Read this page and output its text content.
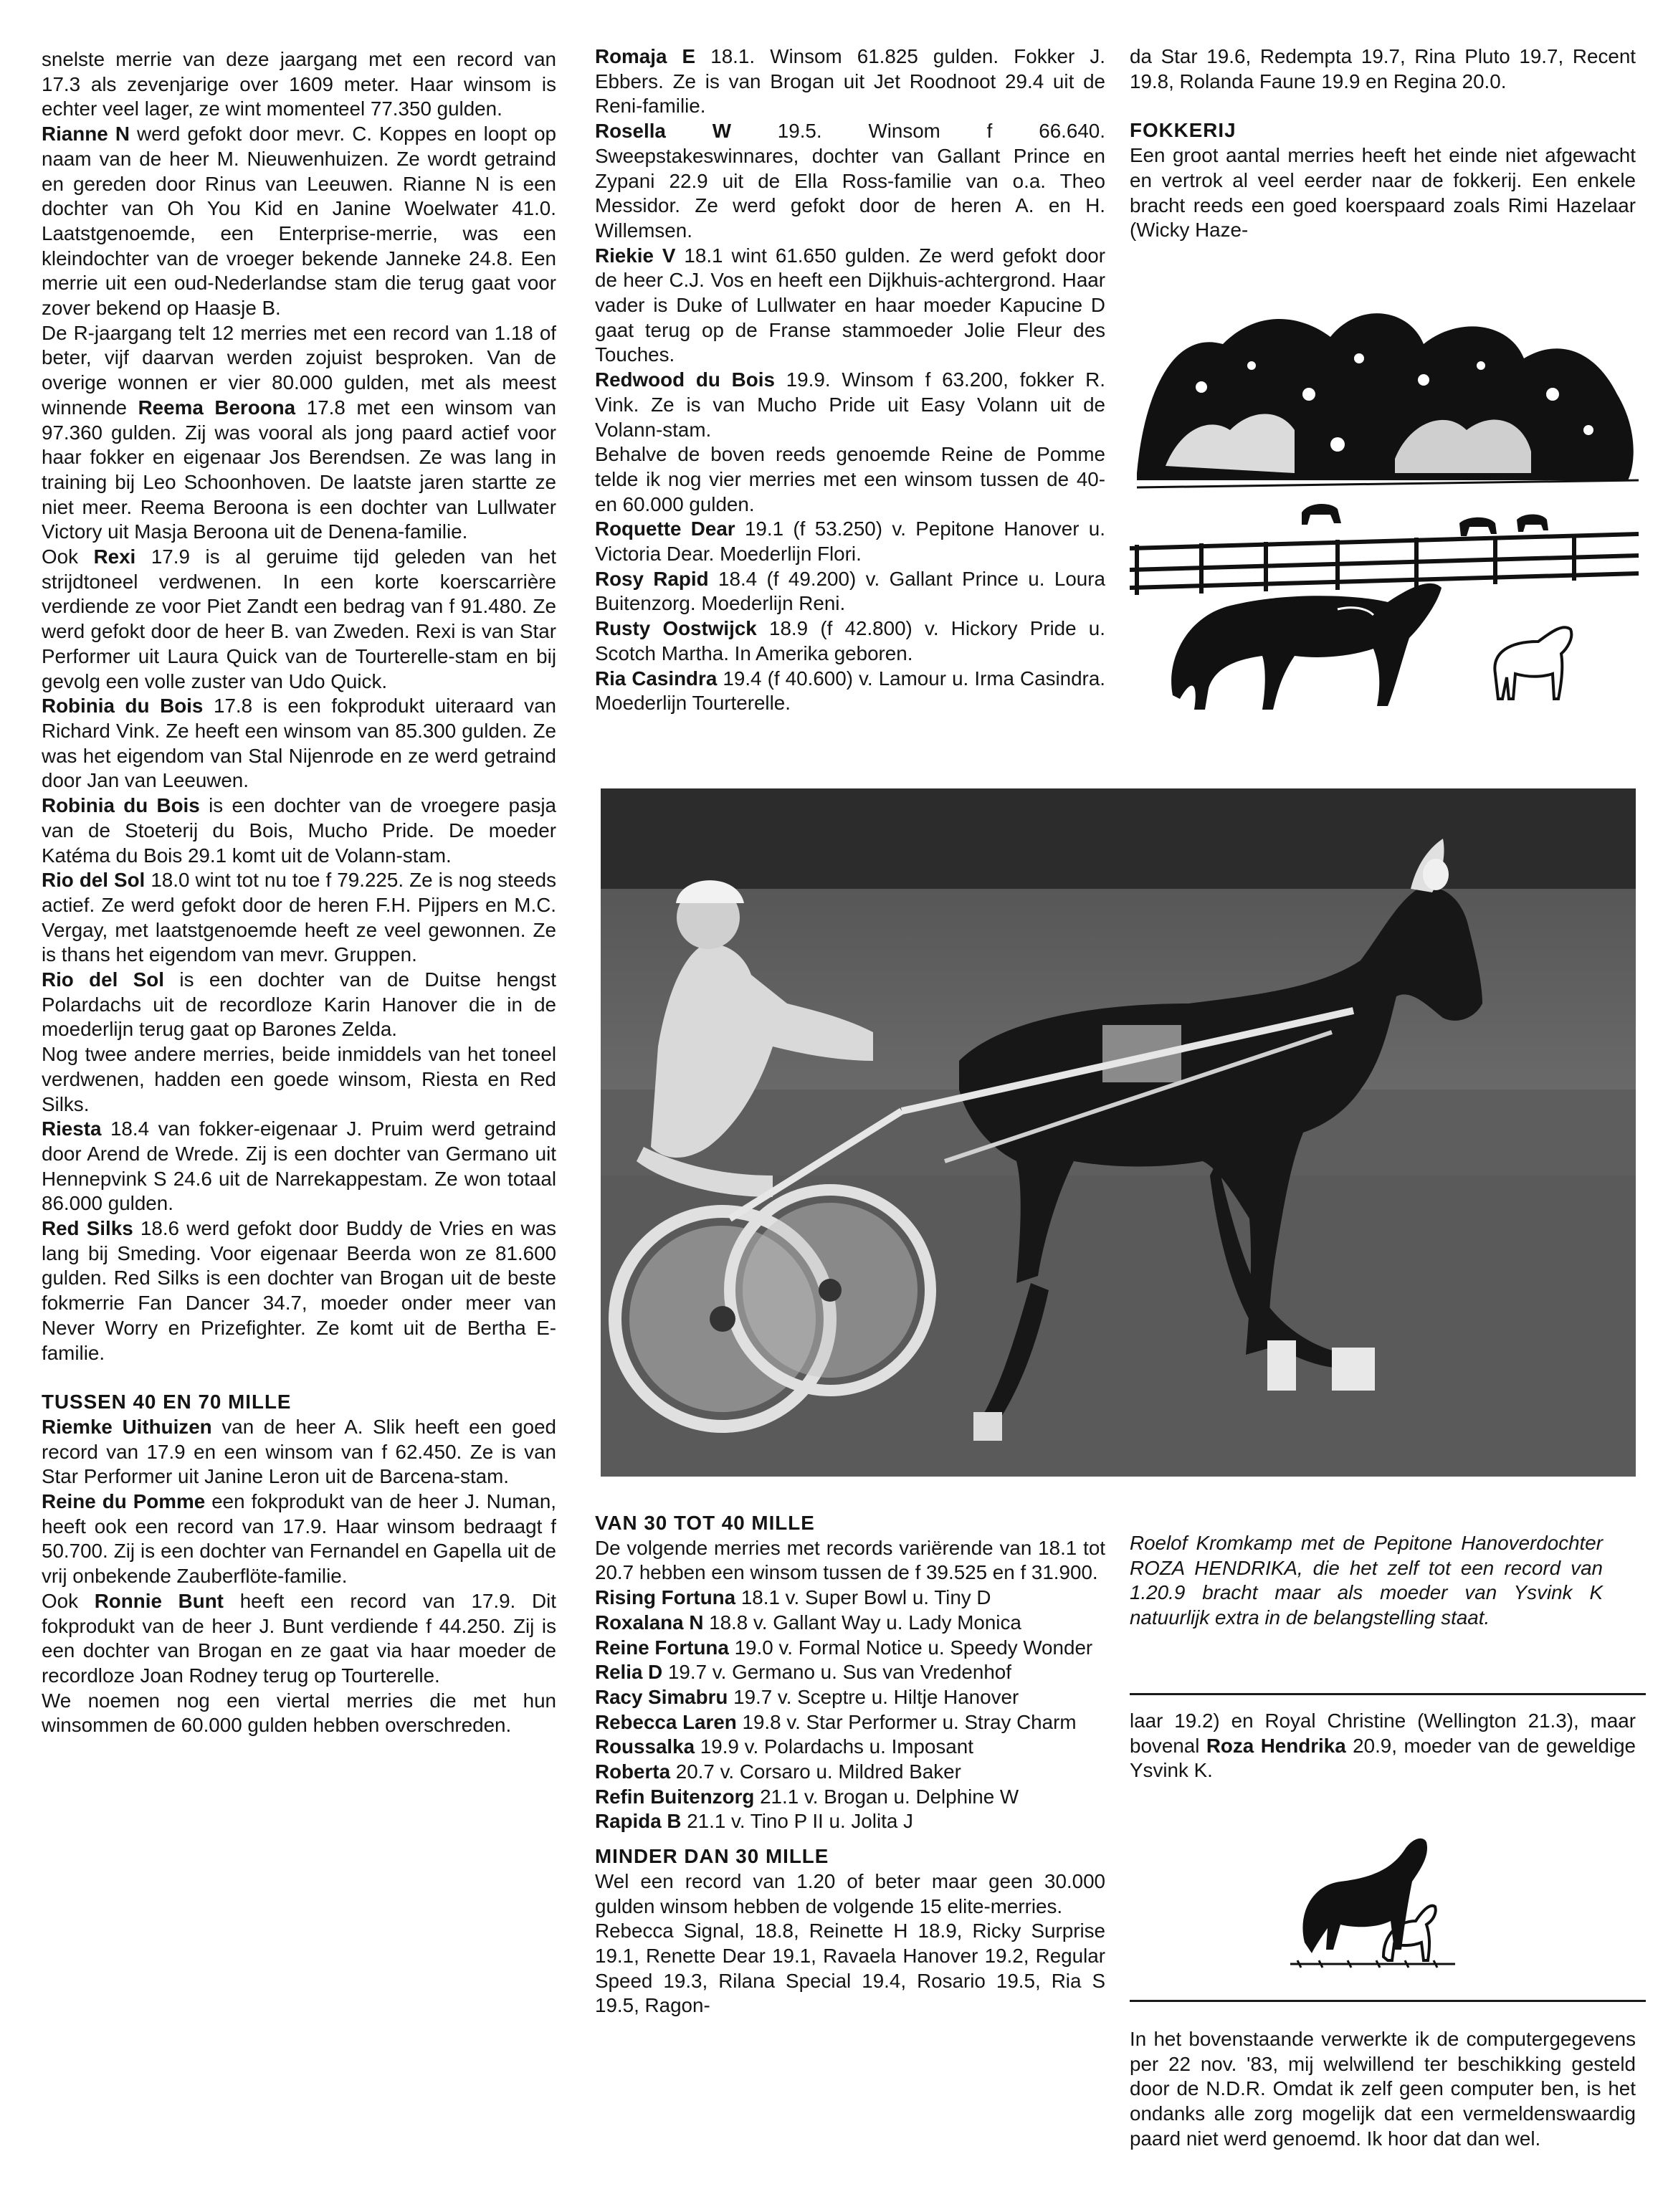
snelste merrie van deze jaargang met een record van 17.3 als zevenjarige over 1609 meter. Haar winsom is echter veel lager, ze wint momenteel 77.350 gulden.

Rianne N werd gefokt door mevr. C. Koppes en loopt op naam van de heer M. Nieuwenhuizen. Ze wordt getraind en gereden door Rinus van Leeuwen. Rianne N is een dochter van Oh You Kid en Janine Woelwater 41.0. Laatstgenoemde, een Enterprise-merrie, was een kleindochter van de vroeger bekende Janneke 24.8. Een merrie uit een oud-Nederlandse stam die terug gaat voor zover bekend op Haasje B.

De R-jaargang telt 12 merries met een record van 1.18 of beter, vijf daarvan werden zojuist besproken. Van de overige wonnen er vier 80.000 gulden, met als meest winnende Reema Beroona 17.8 met een winsom van 97.360 gulden. Zij was vooral als jong paard actief voor haar fokker en eigenaar Jos Berendsen. Ze was lang in training bij Leo Schoonhoven. De laatste jaren startte ze niet meer. Reema Beroona is een dochter van Lullwater Victory uit Masja Beroona uit de Denena-familie.

Ook Rexi 17.9 is al geruime tijd geleden van het strijdtoneel verdwenen. In een korte koerscarrière verdiende ze voor Piet Zandt een bedrag van f 91.480. Ze werd gefokt door de heer B. van Zweden. Rexi is van Star Performer uit Laura Quick van de Tourterelle-stam en bij gevolg een volle zuster van Udo Quick.

Robinia du Bois 17.8 is een fokprodukt uiteraard van Richard Vink. Ze heeft een winsom van 85.300 gulden. Ze was het eigendom van Stal Nijenrode en ze werd getraind door Jan van Leeuwen.

Robinia du Bois is een dochter van de vroegere pasja van de Stoeterij du Bois, Mucho Pride. De moeder Katéma du Bois 29.1 komt uit de Volann-stam.

Rio del Sol 18.0 wint tot nu toe f 79.225. Ze is nog steeds actief. Ze werd gefokt door de heren F.H. Pijpers en M.C. Vergay, met laatstgenoemde heeft ze veel gewonnen. Ze is thans het eigendom van mevr. Gruppen.

Rio del Sol is een dochter van de Duitse hengst Polardachs uit de recordloze Karin Hanover die in de moederlijn terug gaat op Barones Zelda.

Nog twee andere merries, beide inmiddels van het toneel verdwenen, hadden een goede winsom, Riesta en Red Silks.

Riesta 18.4 van fokker-eigenaar J. Pruim werd getraind door Arend de Wrede. Zij is een dochter van Germano uit Hennepvink S 24.6 uit de Narrekappestam. Ze won totaal 86.000 gulden.

Red Silks 18.6 werd gefokt door Buddy de Vries en was lang bij Smeding. Voor eigenaar Beerda won ze 81.600 gulden. Red Silks is een dochter van Brogan uit de beste fokmerrie Fan Dancer 34.7, moeder onder meer van Never Worry en Prizefighter. Ze komt uit de Bertha E-familie.

TUSSEN 40 EN 70 MILLE

Riemke Uithuizen van de heer A. Slik heeft een goed record van 17.9 en een winsom van f 62.450. Ze is van Star Performer uit Janine Leron uit de Barcena-stam.

Reine du Pomme een fokprodukt van de heer J. Numan, heeft ook een record van 17.9. Haar winsom bedraagt f 50.700. Zij is een dochter van Fernandel en Gapella uit de vrij onbekende Zauberflöte-familie.

Ook Ronnie Bunt heeft een record van 17.9. Dit fokprodukt van de heer J. Bunt verdiende f 44.250. Zij is een dochter van Brogan en ze gaat via haar moeder de recordloze Joan Rodney terug op Tourterelle.

We noemen nog een viertal merries die met hun winsommen de 60.000 gulden hebben overschreden.

Romaja E 18.1. Winsom 61.825 gulden. Fokker J. Ebbers. Ze is van Brogan uit Jet Roodnoot 29.4 uit de Reni-familie.

Rosella W 19.5. Winsom f 66.640. Sweepstakeswinnares, dochter van Gallant Prince en Zypani 22.9 uit de Ella Ross-familie van o.a. Theo Messidor. Ze werd gefokt door de heren A. en H. Willemsen.

Riekie V 18.1 wint 61.650 gulden. Ze werd gefokt door de heer C.J. Vos en heeft een Dijkhuis-achtergrond. Haar vader is Duke of Lullwater en haar moeder Kapucine D gaat terug op de Franse stammoeder Jolie Fleur des Touches.

Redwood du Bois 19.9. Winsom f 63.200, fokker R. Vink. Ze is van Mucho Pride uit Easy Volann uit de Volann-stam.

Behalve de boven reeds genoemde Reine de Pomme telde ik nog vier merries met een winsom tussen de 40- en 60.000 gulden.

Roquette Dear 19.1 (f 53.250) v. Pepitone Hanover u. Victoria Dear. Moederlijn Flori.

Rosy Rapid 18.4 (f 49.200) v. Gallant Prince u. Loura Buitenzorg. Moederlijn Reni.

Rusty Oostwijck 18.9 (f 42.800) v. Hickory Pride u. Scotch Martha. In Amerika geboren.

Ria Casindra 19.4 (f 40.600) v. Lamour u. Irma Casindra. Moederlijn Tourterelle.

da Star 19.6, Redempta 19.7, Rina Pluto 19.7, Recent 19.8, Rolanda Faune 19.9 en Regina 20.0.

FOKKERIJ

Een groot aantal merries heeft het einde niet afgewacht en vertrok al veel eerder naar de fokkerij. Een enkele bracht reeds een goed koerspaard zoals Rimi Hazelaar (Wicky Haze-

Roelof Kromkamp met de Pepitone Hanoverdochter ROZA HENDRIKA, die het zelf tot een record van 1.20.9 bracht maar als moeder van Ysvink K natuurlijk extra in de belangstelling staat.

laar 19.2) en Royal Christine (Wellington 21.3), maar bovenal Roza Hendrika 20.9, moeder van de geweldige Ysvink K.

In het bovenstaande verwerkte ik de computergegevens per 22 nov. '83, mij welwillend ter beschikking gesteld door de N.D.R. Omdat ik zelf geen computer ben, is het ondanks alle zorg mogelijk dat een vermeldenswaardig paard niet werd genoemd. Ik hoor dat dan wel.

VAN 30 TOT 40 MILLE

De volgende merries met records variërende van 18.1 tot 20.7 hebben een winsom tussen de f 39.525 en f 31.900.

Rising Fortuna 18.1 v. Super Bowl u. Tiny D

Roxalana N 18.8 v. Gallant Way u. Lady Monica

Reine Fortuna 19.0 v. Formal Notice u. Speedy Wonder

Relia D 19.7 v. Germano u. Sus van Vredenhof

Racy Simabru 19.7 v. Sceptre u. Hiltje Hanover

Rebecca Laren 19.8 v. Star Performer u. Stray Charm

Roussalka 19.9 v. Polardachs u. Imposant

Roberta 20.7 v. Corsaro u. Mildred Baker

Refin Buitenzorg 21.1 v. Brogan u. Delphine W

Rapida B 21.1 v. Tino P II u. Jolita J

MINDER DAN 30 MILLE

Wel een record van 1.20 of beter maar geen 30.000 gulden winsom hebben de volgende 15 elite-merries.

Rebecca Signal, 18.8, Reinette H 18.9, Ricky Surprise 19.1, Renette Dear 19.1, Ravaela Hanover 19.2, Regular Speed 19.3, Rilana Special 19.4, Rosario 19.5, Ria S 19.5, Ragon-
